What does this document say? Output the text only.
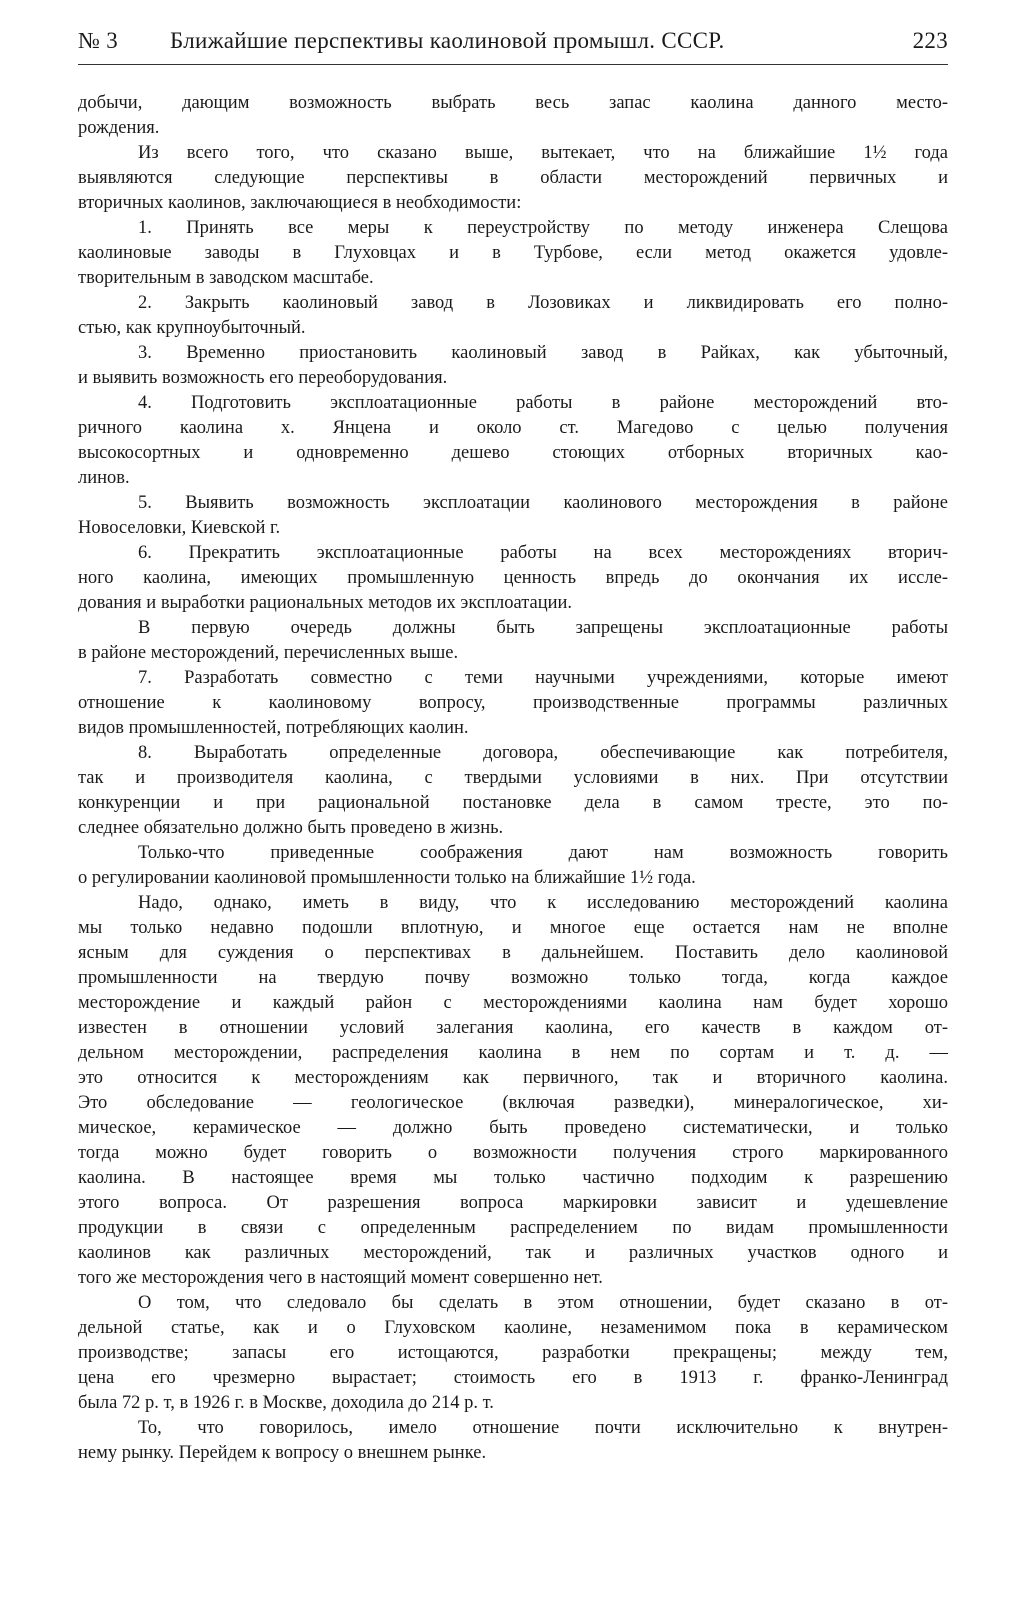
№ 3	Ближайшие перспективы каолиновой промышл. СССР.	223
добычи, дающим возможность выбрать весь запас каолина данного место-
рождения.
Из всего того, что сказано выше, вытекает, что на ближайшие 1½ года
выявляются следующие перспективы в области месторождений первичных и
вторичных каолинов, заключающиеся в необходимости:
1. Принять все меры к переустройству по методу инженера Слещова
каолиновые заводы в Глуховцах и в Турбове, если метод окажется удовле-
творительным в заводском масштабе.
2. Закрыть каолиновый завод в Лозовиках и ликвидировать его полно-
стью, как крупноубыточный.
3. Временно приостановить каолиновый завод в Райках, как убыточный,
и выявить возможность его переоборудования.
4. Подготовить эксплоатационные работы в районе месторождений вто-
ричного каолина х. Янцена и около ст. Магедово с целью получения
высокосортных и одновременно дешево стоющих отборных вторичных као-
линов.
5. Выявить возможность эксплоатации каолинового месторождения в районе
Новоселовки, Киевской г.
6. Прекратить эксплоатационные работы на всех месторождениях вторич-
ного каолина, имеющих промышленную ценность впредь до окончания их иссле-
дования и выработки рациональных методов их эксплоатации.
В первую очередь должны быть запрещены эксплоатационные работы
в районе месторождений, перечисленных выше.
7. Разработать совместно с теми научными учреждениями, которые имеют
отношение к каолиновому вопросу, производственные программы различных
видов промышленностей, потребляющих каолин.
8. Выработать определенные договора, обеспечивающие как потребителя,
так и производителя каолина, с твердыми условиями в них. При отсутствии
конкуренции и при рациональной постановке дела в самом тресте, это по-
следнее обязательно должно быть проведено в жизнь.
Только-что приведенные соображения дают нам возможность говорить
о регулировании каолиновой промышленности только на ближайшие 1½ года.
Надо, однако, иметь в виду, что к исследованию месторождений каолина
мы только недавно подошли вплотную, и многое еще остается нам не вполне
ясным для суждения о перспективах в дальнейшем. Поставить дело каолиновой
промышленности на твердую почву возможно только тогда, когда каждое
месторождение и каждый район с месторождениями каолина нам будет хорошо
известен в отношении условий залегания каолина, его качеств в каждом от-
дельном месторождении, распределения каолина в нем по сортам и т. д. —
это относится к месторождениям как первичного, так и вторичного каолина.
Это обследование — геологическое (включая разведки), минералогическое, хи-
мическое, керамическое — должно быть проведено систематически, и только
тогда можно будет говорить о возможности получения строго маркированного
каолина. В настоящее время мы только частично подходим к разрешению
этого вопроса. От разрешения вопроса маркировки зависит и удешевление
продукции в связи с определенным распределением по видам промышленности
каолинов как различных месторождений, так и различных участков одного и
того же месторождения чего в настоящий момент совершенно нет.
О том, что следовало бы сделать в этом отношении, будет сказано в от-
дельной статье, как и о Глуховском каолине, незаменимом пока в керамическом
производстве; запасы его истощаются, разработки прекращены; между тем,
цена его чрезмерно вырастает; стоимость его в 1913 г. франко-Ленинград
была 72 р. т, в 1926 г. в Москве, доходила до 214 р. т.
То, что говорилось, имело отношение почти исключительно к внутрен-
нему рынку. Перейдем к вопросу о внешнем рынке.
